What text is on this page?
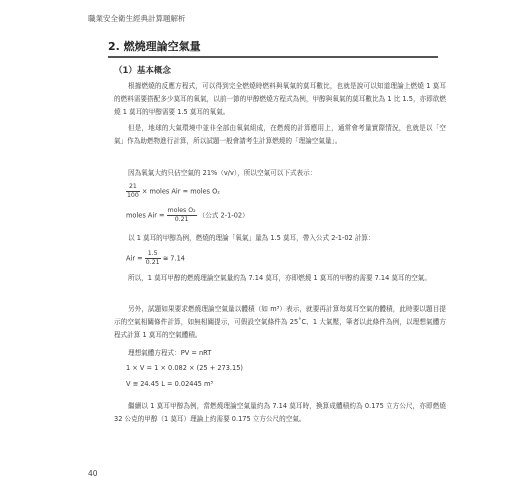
職業安全衛生經典計算題解析
2. 燃燒理論空氣量
（1）基本概念
根據燃燒的反應方程式，可以得到完全燃燒時燃料與氧氣的莫耳數比，也就是說可以知道理論上燃燒 1 莫耳的燃料需要搭配多少莫耳的氧氣，以前一節的甲醇燃燒方程式為例，甲醇與氧氣的莫耳數比為 1 比 1.5，亦即欲燃燒 1 莫耳的甲醇需要 1.5 莫耳的氧氣。
但是，地球的大氣環境中並非全部由氧氣組成，在燃燒的計算應用上，通常會考量實際情況，也就是以「空氣」作為助燃物進行計算，所以試題一般會請考生計算燃燒的「理論空氣量」。
因為氧氣大約只佔空氣的 21%（v/v），所以空氣可以下式表示：
$\frac{21}{100}$ × moles Air = moles O₂
moles Air = $\frac{\text{moles O₂}}{0.21}$ （公式 2-1-02）
以 1 莫耳的甲醇為例，燃燒的理論「氧氣」量為 1.5 莫耳，帶入公式 2-1-02 計算：
Air = $\frac{1.5}{0.21}$ ≅ 7.14
所以，1 莫耳甲醇的燃燒理論空氣量約為 7.14 莫耳，亦即燃燒 1 莫耳的甲醇約需要 7.14 莫耳的空氣。
另外，試題如果要求燃燒理論空氣量以體積（如 m³）表示，就要再計算每莫耳空氣的體積，此時要以題目提示的空氣相關條件計算，如無相關提示，可假設空氣條件為 25˚C、1 大氣壓，筆者以此條件為例，以理想氣體方程式計算 1 莫耳的空氣體積。
理想氣體方程式：PV = nRT
1 × V = 1 × 0.082 × (25 + 273.15)
V ≅ 24.45 L = 0.02445 m³
繼續以 1 莫耳甲醇為例，當燃燒理論空氣量約為 7.14 莫耳時，換算成體積約為 0.175 立方公尺，亦即燃燒 32 公克的甲醇（1 莫耳）理論上約需要 0.175 立方公尺的空氣。
40
